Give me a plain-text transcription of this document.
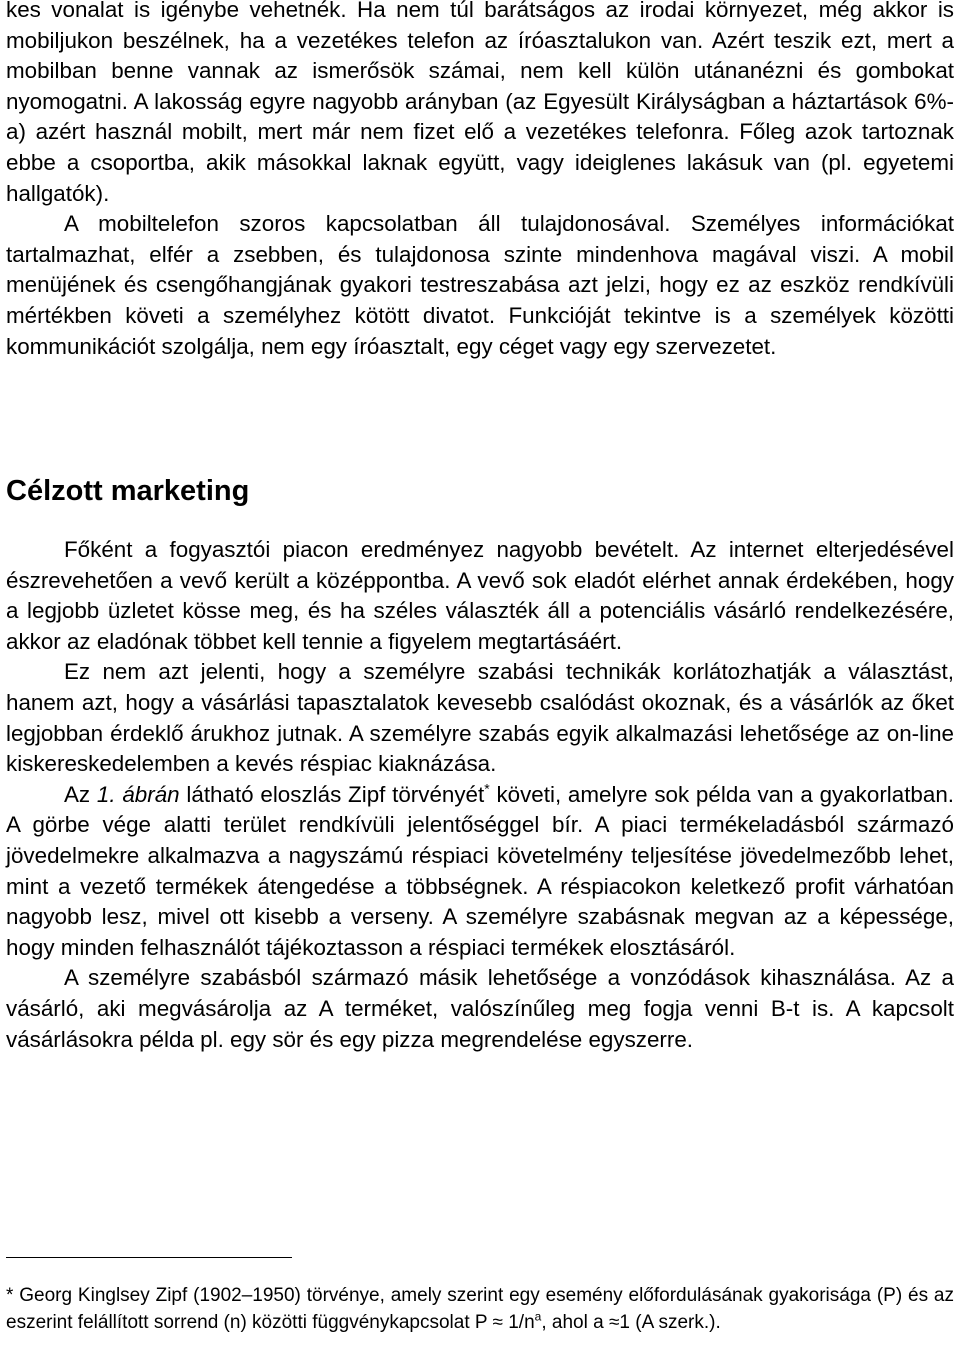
kes vonalat is igénybe vehetnék. Ha nem túl barátságos az irodai környezet, még akkor is mobiljukon beszélnek, ha a vezetékes telefon az íróasztalukon van. Azért teszik ezt, mert a mobilban benne vannak az ismerősök számai, nem kell külön utánanézni és gombokat nyomogatni. A lakosság egyre nagyobb arányban (az Egyesült Királyságban a háztartások 6%-a) azért használ mobilt, mert már nem fizet elő a vezetékes telefonra. Főleg azok tartoznak ebbe a csoportba, akik másokkal laknak együtt, vagy ideiglenes lakásuk van (pl. egyetemi hallgatók).

A mobiltelefon szoros kapcsolatban áll tulajdonosával. Személyes információkat tartalmazhat, elfér a zsebben, és tulajdonosa szinte mindenhova magával viszi. A mobil menüjének és csengőhangjának gyakori testreszabása azt jelzi, hogy ez az eszköz rendkívüli mértékben követi a személyhez kötött divatot. Funkcióját tekintve is a személyek közötti kommunikációt szolgálja, nem egy íróasztalt, egy céget vagy egy szervezetet.

Célzott marketing

Főként a fogyasztói piacon eredményez nagyobb bevételt. Az internet elterjedésével észrevehetően a vevő került a középpontba. A vevő sok eladót elérhet annak érdekében, hogy a legjobb üzletet kösse meg, és ha széles választék áll a potenciális vásárló rendelkezésére, akkor az eladónak többet kell tennie a figyelem megtartásáért.

Ez nem azt jelenti, hogy a személyre szabási technikák korlátozhatják a választást, hanem azt, hogy a vásárlási tapasztalatok kevesebb csalódást okoznak, és a vásárlók az őket legjobban érdeklő árukhoz jutnak. A személyre szabás egyik alkalmazási lehetősége az on-line kiskereskedelemben a kevés réspiac kiaknázása.

Az 1. ábrán látható eloszlás Zipf törvényét* követi, amelyre sok példa van a gyakorlatban. A görbe vége alatti terület rendkívüli jelentőséggel bír. A piaci termékeladásból származó jövedelmekre alkalmazva a nagyszámú réspiaci követelmény teljesítése jövedelmezőbb lehet, mint a vezető termékek átengedése a többségnek. A réspiacokon keletkező profit várhatóan nagyobb lesz, mivel ott kisebb a verseny. A személyre szabásnak megvan az a képessége, hogy minden felhasználót tájékoztasson a réspiaci termékek elosztásáról.

A személyre szabásból származó másik lehetősége a vonzódások kihasználása. Az a vásárló, aki megvásárolja az A terméket, valószínűleg meg fogja venni B-t is. A kapcsolt vásárlásokra példa pl. egy sör és egy pizza megrendelése egyszerre.

* Georg Kinglsey Zipf (1902–1950) törvénye, amely szerint egy esemény előfordulásának gyakorisága (P) és az eszerint felállított sorrend (n) közötti függvénykapcsolat $P \approx 1/n^a$, ahol a ≈1 (A szerk.).
